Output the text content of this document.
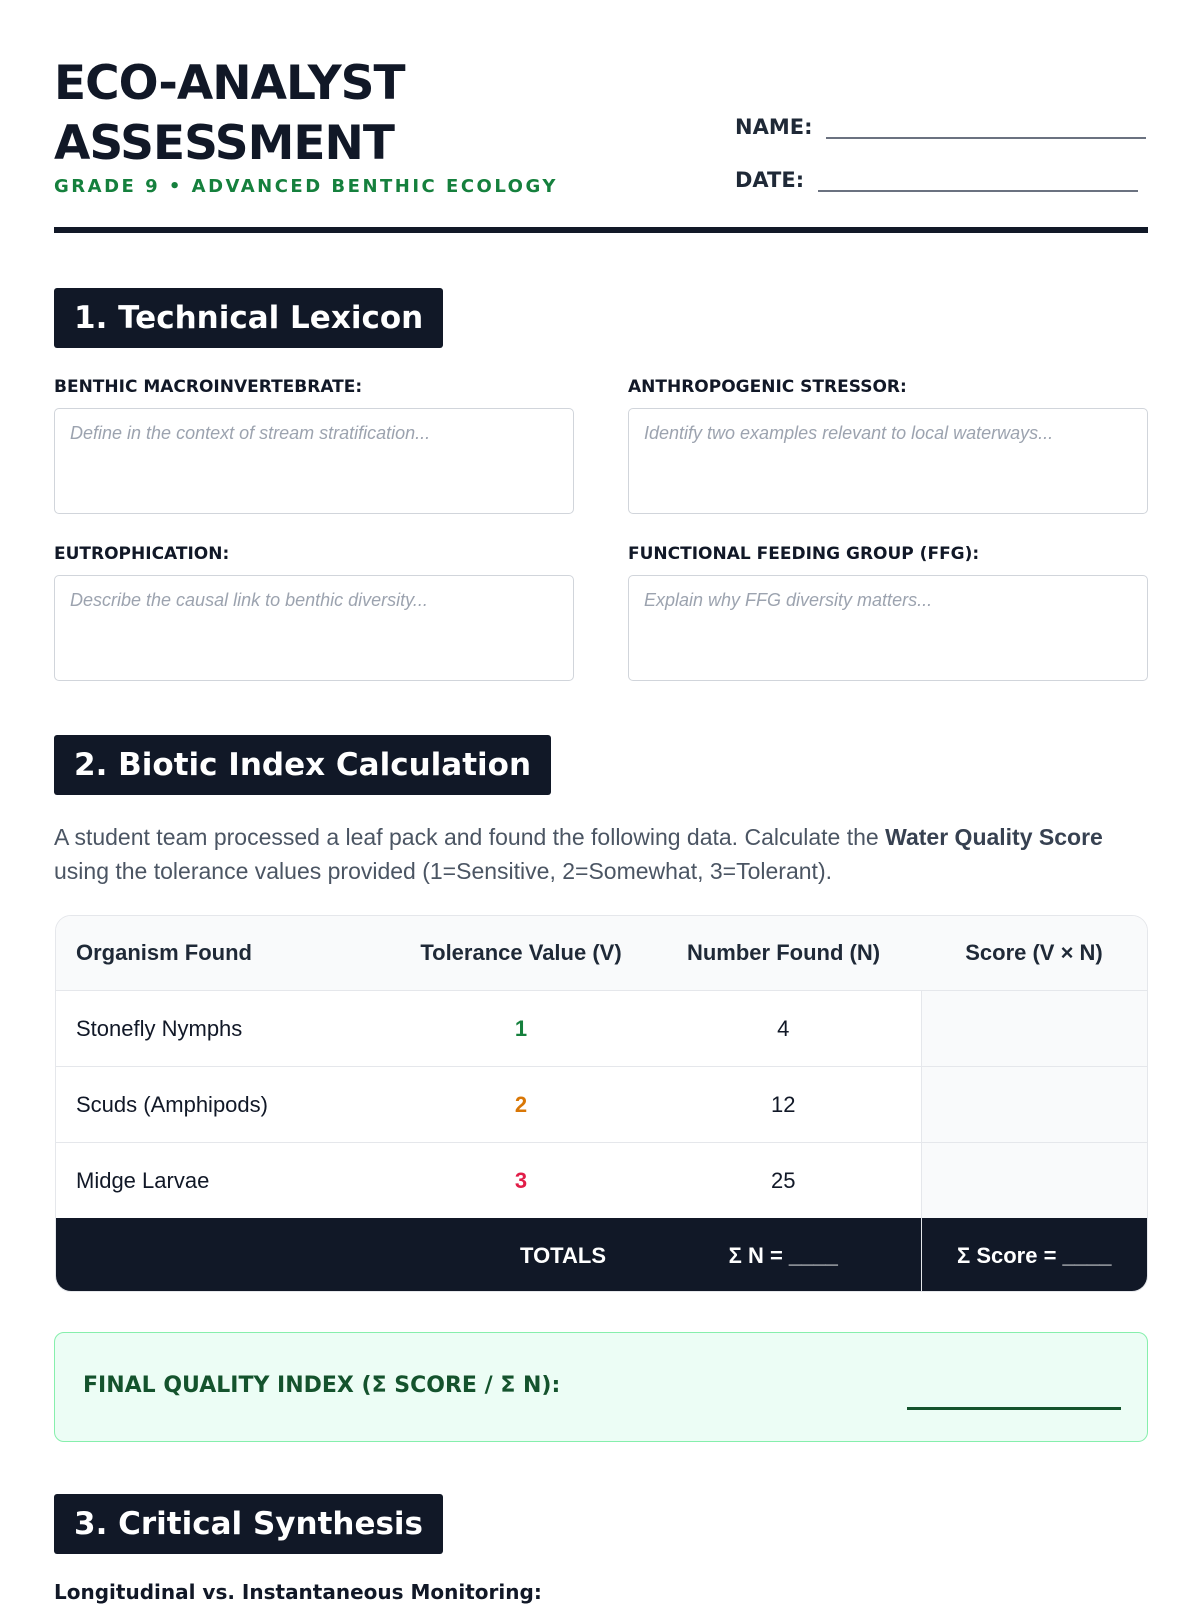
ECO-ANALYST
ASSESSMENT
GRADE 9 • ADVANCED BENTHIC ECOLOGY
NAME:
DATE:
1. Technical Lexicon
BENTHIC MACROINVERTEBRATE:
Define in the context of stream stratification...
ANTHROPOGENIC STRESSOR:
Identify two examples relevant to local waterways...
EUTROPHICATION:
Describe the causal link to benthic diversity...
FUNCTIONAL FEEDING GROUP (FFG):
Explain why FFG diversity matters...
2. Biotic Index Calculation

A student team processed a leaf pack and found the following data. Calculate the Water Quality Score using the tolerance values provided (1=Sensitive, 2=Somewhat, 3=Tolerant).

Organism Found	Tolerance Value (V)	Number Found (N)	Score (V × N)
Stonefly Nymphs	1	4	
Scuds (Amphipods)	2	12	
Midge Larvae	3	25	
	TOTALS	Σ N = ____	Σ Score = ____
FINAL QUALITY INDEX (Σ SCORE / Σ N):
3. Critical Synthesis
Longitudinal vs. Instantaneous Monitoring:
